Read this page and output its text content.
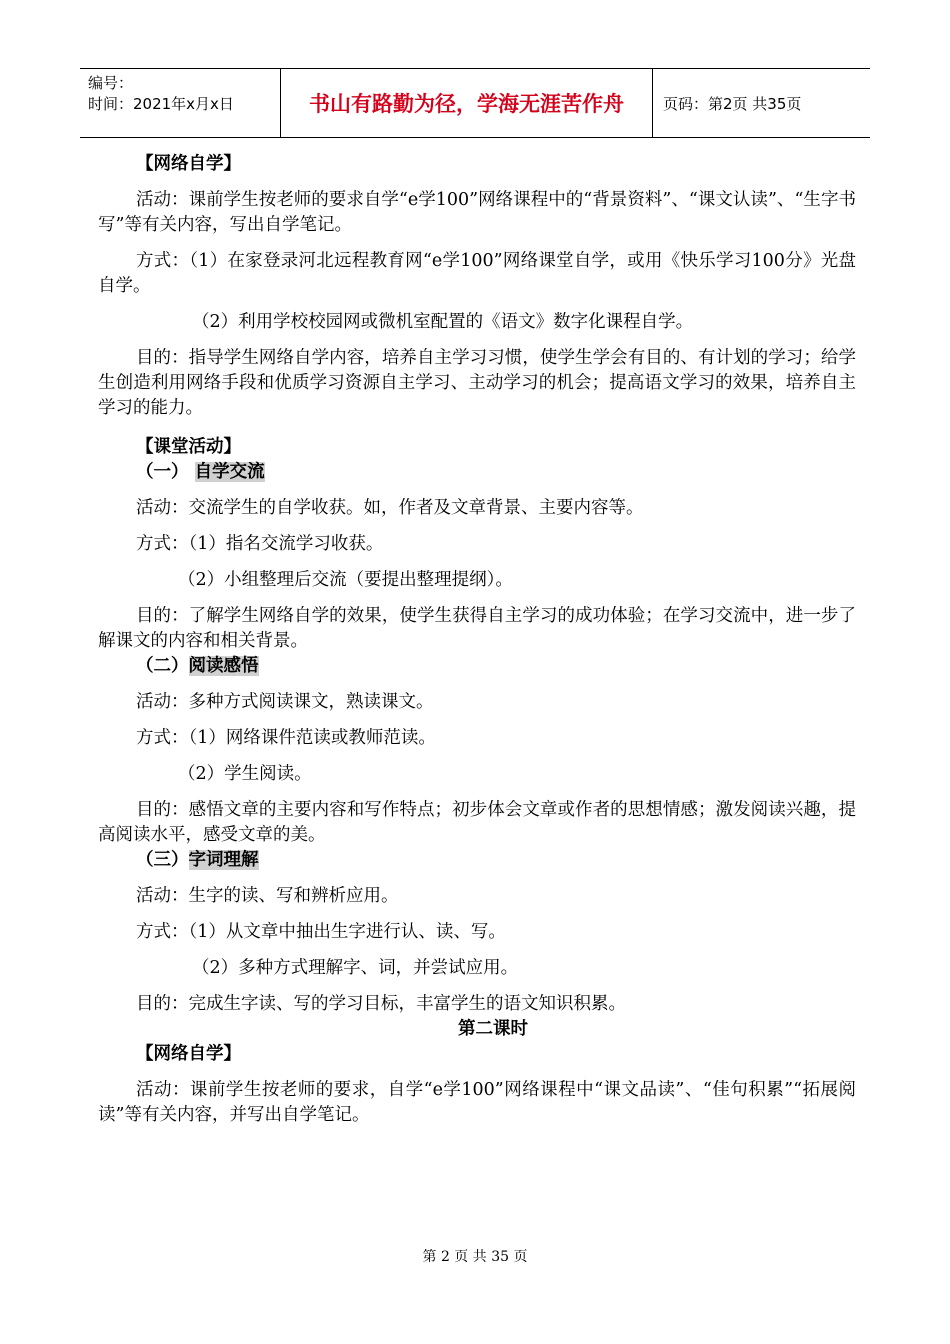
编号：
时间：2021年x月x日	书山有路勤为径，学海无涯苦作舟	页码：第2页 共35页

【网络自学】

活动：课前学生按老师的要求自学“e学100”网络课程中的“背景资料”、“课文认读”、“生字书写”等有关内容，写出自学笔记。

方式：（1）在家登录河北远程教育网“e学100”网络课堂自学，或用《快乐学习100分》光盘自学。

（2）利用学校校园网或微机室配置的《语文》数字化课程自学。

目的：指导学生网络自学内容，培养自主学习习惯，使学生学会有目的、有计划的学习；给学生创造利用网络手段和优质学习资源自主学习、主动学习的机会；提高语文学习的效果，培养自主学习的能力。

【课堂活动】

（一） 自学交流

活动：交流学生的自学收获。如，作者及文章背景、主要内容等。

方式：（1）指名交流学习收获。

（2）小组整理后交流（要提出整理提纲）。

目的：了解学生网络自学的效果，使学生获得自主学习的成功体验；在学习交流中，进一步了解课文的内容和相关背景。

（二）阅读感悟

活动：多种方式阅读课文，熟读课文。

方式：（1）网络课件范读或教师范读。

（2）学生阅读。

目的：感悟文章的主要内容和写作特点；初步体会文章或作者的思想情感；激发阅读兴趣，提高阅读水平，感受文章的美。

（三）字词理解

活动：生字的读、写和辨析应用。

方式：（1）从文章中抽出生字进行认、读、写。

（2）多种方式理解字、词，并尝试应用。

目的：完成生字读、写的学习目标，丰富学生的语文知识积累。

第二课时

【网络自学】

活动：课前学生按老师的要求，自学“e学100”网络课程中“课文品读”、“佳句积累”“拓展阅读”等有关内容，并写出自学笔记。

第 2 页 共 35 页
